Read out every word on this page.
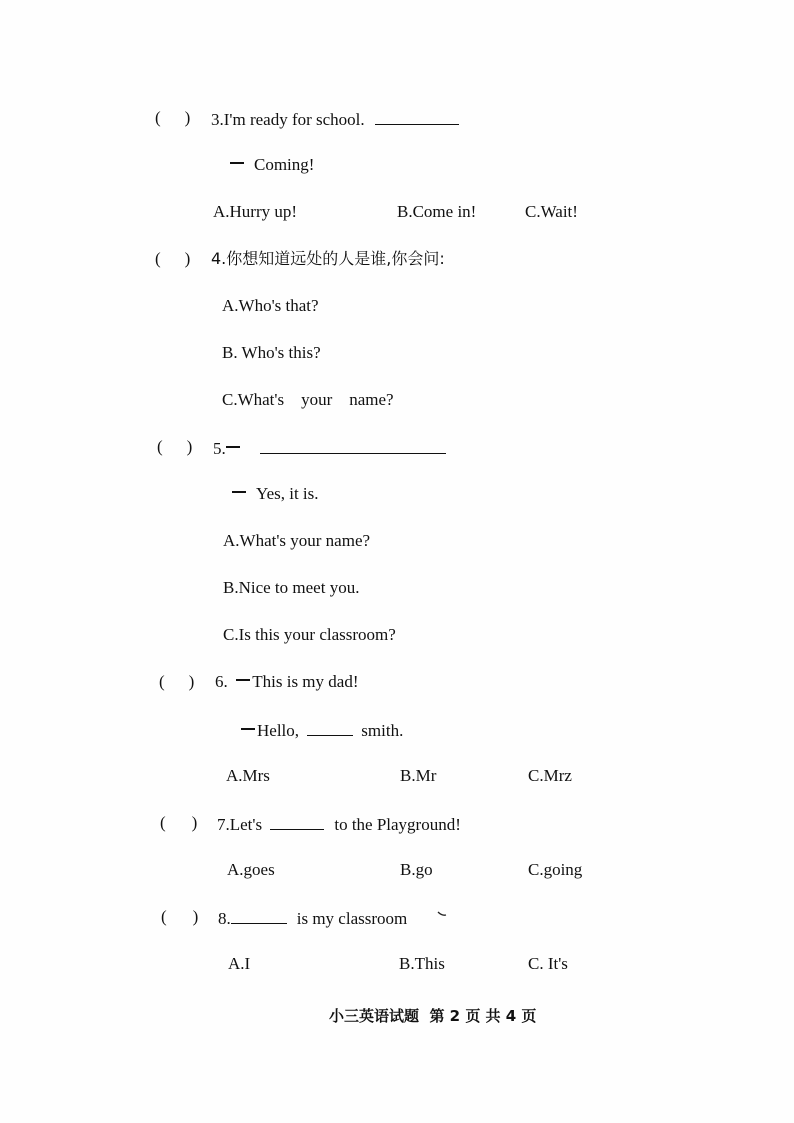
( ) 3.I'm ready for school.
Coming!
A.Hurry up!	B.Come in!	C.Wait!
( ) 4.你想知道远处的人是谁,你会问:
A.Who's that?
B. Who's this?
C.What's    your    name?
( ) 5.
Yes, it is.
A.What's your name?
B.Nice to meet you.
C.Is this your classroom?
( ) 6. This is my dad!
Hello,	smith.
A.Mrs	B.Mr	C.Mrz
( ) 7.Let's	to the Playground!
A.goes	B.go	C.going
( ) 8.	is my classroom
A.I	B.This	C. It's
小三英语试题  第 2 页 共 4 页
